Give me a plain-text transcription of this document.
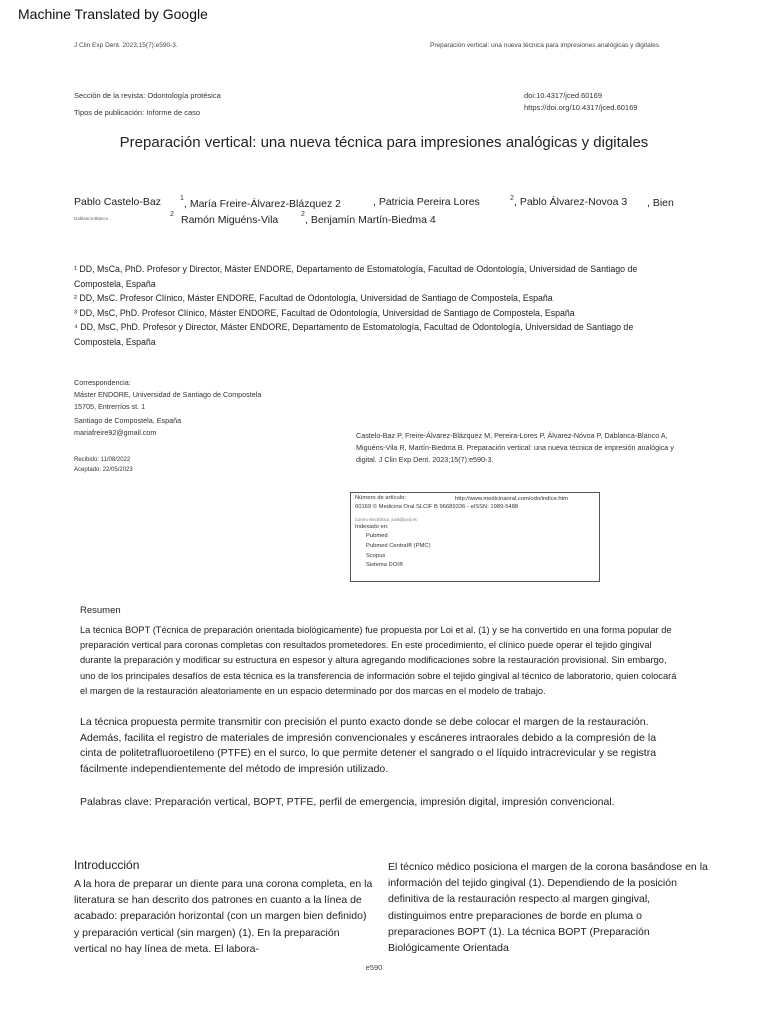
Machine Translated by Google
J Clin Exp Dent. 2023;15(7):e590-3.	Preparación vertical: una nueva técnica para impresiones analógicas y digitales
Sección de la revista: Odontología protésica
Tipos de publicación: Informe de caso
doi:10.4317/jced.60169
https://doi.org/10.4317/jced.60169
Preparación vertical: una nueva técnica para impresiones analógicas y digitales
Pablo Castelo-Baz	1 , María Freire-Álvarez-Blázquez 2	, Patricia Pereira Lores	2 , Pablo Álvarez-Novoa 3 , Bien
Dablanca-Blanco ,
2 Ramón Miguéns-Vila	2 , Benjamín Martín-Biedma 4
¹ DD, MsCa, PhD. Profesor y Director, Máster ENDORE, Departamento de Estomatología, Facultad de Odontología, Universidad de Santiago de Compostela, España
² DD, MsC. Profesor Clínico, Máster ENDORE, Facultad de Odontología, Universidad de Santiago de Compostela, España
³ DD, MsC, PhD. Profesor Clínico, Máster ENDORE, Facultad de Odontología, Universidad de Santiago de Compostela, España
⁴ DD, MsC, PhD. Profesor y Director, Máster ENDORE, Departamento de Estomatología, Facultad de Odontología, Universidad de Santiago de Compostela, España
Correspondencia:
Máster ENDORE, Universidad de Santiago de Compostela
15705, Entrerríos st. 1
Santiago de Compostela, España
mariafreire92@gmail.com
Recibido: 11/08/2022
Aceptado: 22/05/2023
Castelo-Baz P, Freire-Álvarez-Blázquez M, Pereira-Lores P, Álvarez-Nóvoa P, Dablanca-Blanco A, Miguéns-Vila R, Martín-Biedma B. Preparación vertical: una nueva técnica de impresión analógica y digital. J Clin Exp Dent. 2023;15(7):e590-3.
Número de artículo:	http://www.medicinaoral.com/odo/indice.htm
60169 © Medicina Oral SLCIF B 96689336 - eISSN: 1989-5488
Correo electrónico: jced@jced.es
Indexado en:
Pubmed
Pubmed Central® (PMC)
Scopus
Sistema DOI®
Resumen
La técnica BOPT (Técnica de preparación orientada biológicamente) fue propuesta por Loi et al. (1) y se ha convertido en una forma popular de preparación vertical para coronas completas con resultados prometedores. En este procedimiento, el clínico puede operar el tejido gingival durante la preparación y modificar su estructura en espesor y altura agregando modificaciones sobre la restauración provisional. Sin embargo, uno de los principales desafíos de esta técnica es la transferencia de información sobre el tejido gingival al técnico de laboratorio, quien colocará el margen de la restauración aleatoriamente en un espacio determinado por dos marcas en el modelo de trabajo.
La técnica propuesta permite transmitir con precisión el punto exacto donde se debe colocar el margen de la restauración. Además, facilita el registro de materiales de impresión convencionales y escáneres intraorales debido a la compresión de la cinta de politetrafluoroetileno (PTFE) en el surco, lo que permite detener el sangrado o el líquido intracrevicular y se registra fácilmente independientemente del método de impresión utilizado.
Palabras clave: Preparación vertical, BOPT, PTFE, perfil de emergencia, impresión digital, impresión convencional.
Introducción
A la hora de preparar un diente para una corona completa, en la literatura se han descrito dos patrones en cuanto a la línea de acabado: preparación horizontal (con un margen bien definido) y preparación vertical (sin margen) (1). En la preparación vertical no hay línea de meta. El labora-
El técnico médico posiciona el margen de la corona basándose en la información del tejido gingival (1). Dependiendo de la posición definitiva de la restauración respecto al margen gingival, distinguimos entre preparaciones de borde en pluma o preparaciones BOPT (1). La técnica BOPT (Preparación Biológicamente Orientada
e590
